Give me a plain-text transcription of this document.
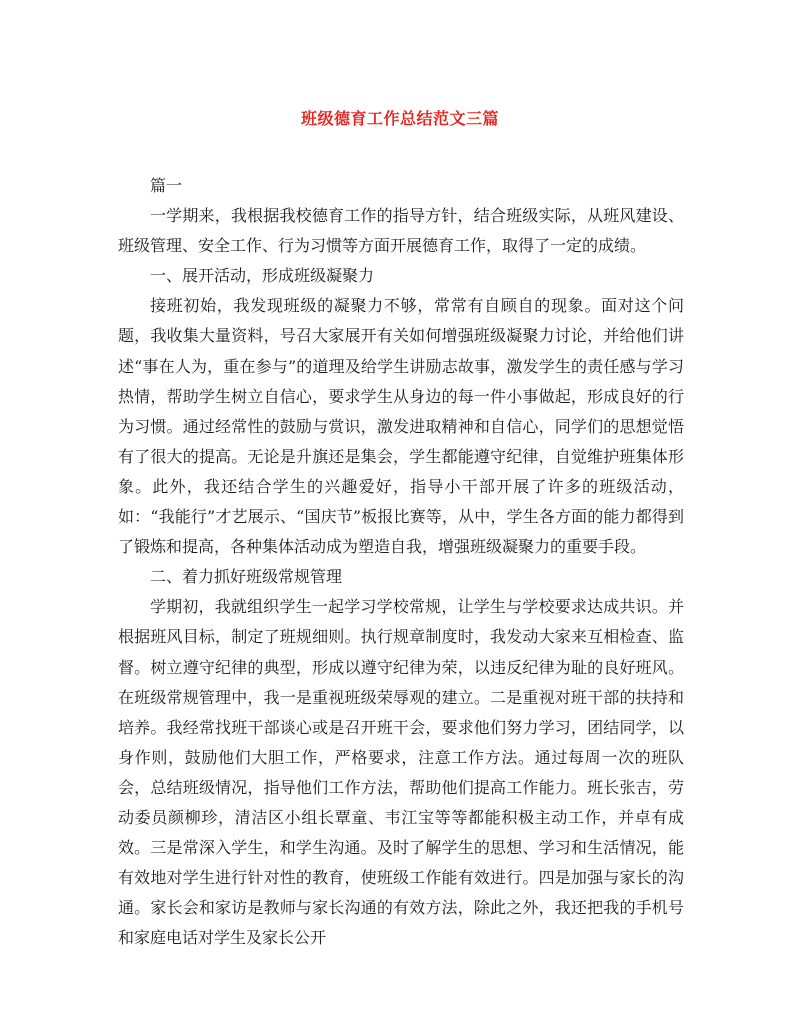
班级德育工作总结范文三篇

篇一

一学期来，我根据我校德育工作的指导方针，结合班级实际，从班风建设、班级管理、安全工作、行为习惯等方面开展德育工作，取得了一定的成绩。

一、展开活动，形成班级凝聚力

接班初始，我发现班级的凝聚力不够，常常有自顾自的现象。面对这个问题，我收集大量资料，号召大家展开有关如何增强班级凝聚力讨论，并给他们讲述“事在人为，重在参与”的道理及给学生讲励志故事，激发学生的责任感与学习热情，帮助学生树立自信心，要求学生从身边的每一件小事做起，形成良好的行为习惯。通过经常性的鼓励与赏识，激发进取精神和自信心，同学们的思想觉悟有了很大的提高。无论是升旗还是集会，学生都能遵守纪律，自觉维护班集体形象。此外，我还结合学生的兴趣爱好，指导小干部开展了许多的班级活动，如：“我能行”才艺展示、“国庆节”板报比赛等，从中，学生各方面的能力都得到了锻炼和提高，各种集体活动成为塑造自我，增强班级凝聚力的重要手段。

二、着力抓好班级常规管理

学期初，我就组织学生一起学习学校常规，让学生与学校要求达成共识。并根据班风目标，制定了班规细则。执行规章制度时，我发动大家来互相检查、监督。树立遵守纪律的典型，形成以遵守纪律为荣，以违反纪律为耻的良好班风。在班级常规管理中，我一是重视班级荣辱观的建立。二是重视对班干部的扶持和培养。我经常找班干部谈心或是召开班干会，要求他们努力学习，团结同学，以身作则，鼓励他们大胆工作，严格要求，注意工作方法。通过每周一次的班队会，总结班级情况，指导他们工作方法，帮助他们提高工作能力。班长张吉，劳动委员颜柳珍，清洁区小组长覃童、韦江宝等等都能积极主动工作，并卓有成效。三是常深入学生，和学生沟通。及时了解学生的思想、学习和生活情况，能有效地对学生进行针对性的教育，使班级工作能有效进行。四是加强与家长的沟通。家长会和家访是教师与家长沟通的有效方法，除此之外，我还把我的手机号和家庭电话对学生及家长公开
